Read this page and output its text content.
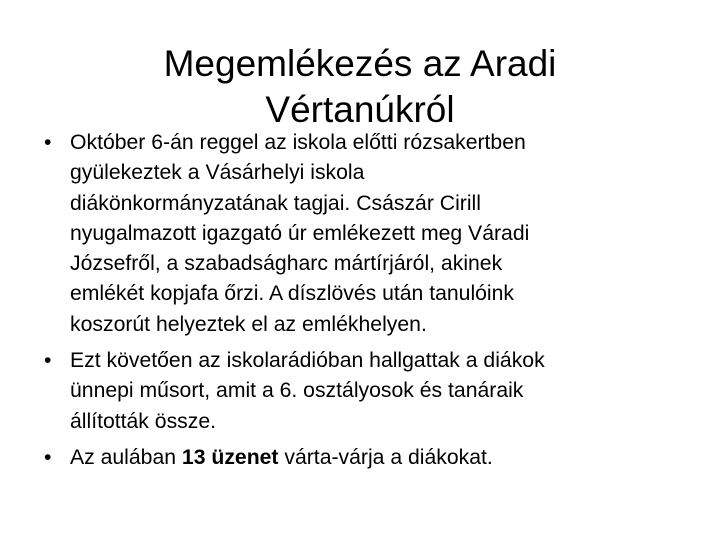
Megemlékezés az Aradi
Vértanúkról
• Október 6-án reggel az iskola előtti rózsakertben
gyülekeztek a Vásárhelyi iskola
diákönkormányzatának tagjai. Császár Cirill
nyugalmazott igazgató úr emlékezett meg Váradi
Józsefről, a szabadságharc mártírjáról, akinek
emlékét kopjafa őrzi. A díszlövés után tanulóink
koszorút helyeztek el az emlékhelyen.
• Ezt követően az iskolarádióban hallgattak a diákok
ünnepi műsort, amit a 6. osztályosok és tanáraik
állították össze.
• Az aulában 13 üzenet várta-várja a diákokat.
